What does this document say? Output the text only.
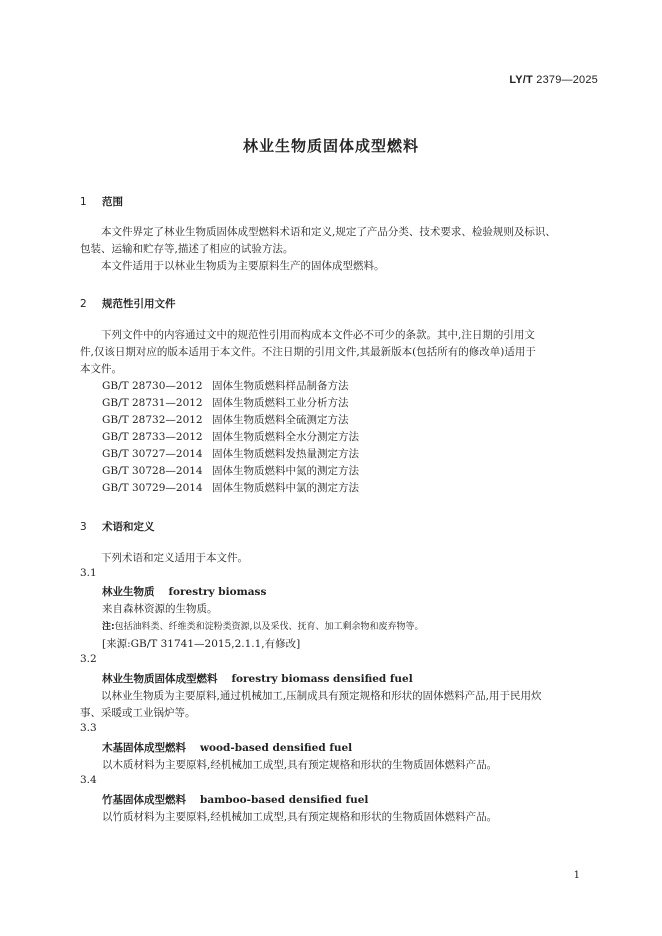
LY/T 2379—2025
林业生物质固体成型燃料
1 范围
本文件界定了林业生物质固体成型燃料术语和定义,规定了产品分类、技术要求、检验规则及标识、
包装、运输和贮存等,描述了相应的试验方法。
本文件适用于以林业生物质为主要原料生产的固体成型燃料。
2 规范性引用文件
下列文件中的内容通过文中的规范性引用而构成本文件必不可少的条款。其中,注日期的引用文
件,仅该日期对应的版本适用于本文件。不注日期的引用文件,其最新版本(包括所有的修改单)适用于
本文件。
GB/T 28730—2012 固体生物质燃料样品制备方法
GB/T 28731—2012 固体生物质燃料工业分析方法
GB/T 28732—2012 固体生物质燃料全硫测定方法
GB/T 28733—2012 固体生物质燃料全水分测定方法
GB/T 30727—2014 固体生物质燃料发热量测定方法
GB/T 30728—2014 固体生物质燃料中氮的测定方法
GB/T 30729—2014 固体生物质燃料中氯的测定方法
3 术语和定义
下列术语和定义适用于本文件。
3.1
林业生物质 forestry biomass
来自森林资源的生物质。
注:包括油料类、纤维类和淀粉类资源,以及采伐、抚育、加工剩余物和废弃物等。
[来源:GB/T 31741—2015,2.1.1,有修改]
3.2
林业生物质固体成型燃料 forestry biomass densified fuel
以林业生物质为主要原料,通过机械加工,压制成具有预定规格和形状的固体燃料产品,用于民用炊
事、采暖或工业锅炉等。
3.3
木基固体成型燃料 wood-based densified fuel
以木质材料为主要原料,经机械加工成型,具有预定规格和形状的生物质固体燃料产品。
3.4
竹基固体成型燃料 bamboo-based densified fuel
以竹质材料为主要原料,经机械加工成型,具有预定规格和形状的生物质固体燃料产品。
1
